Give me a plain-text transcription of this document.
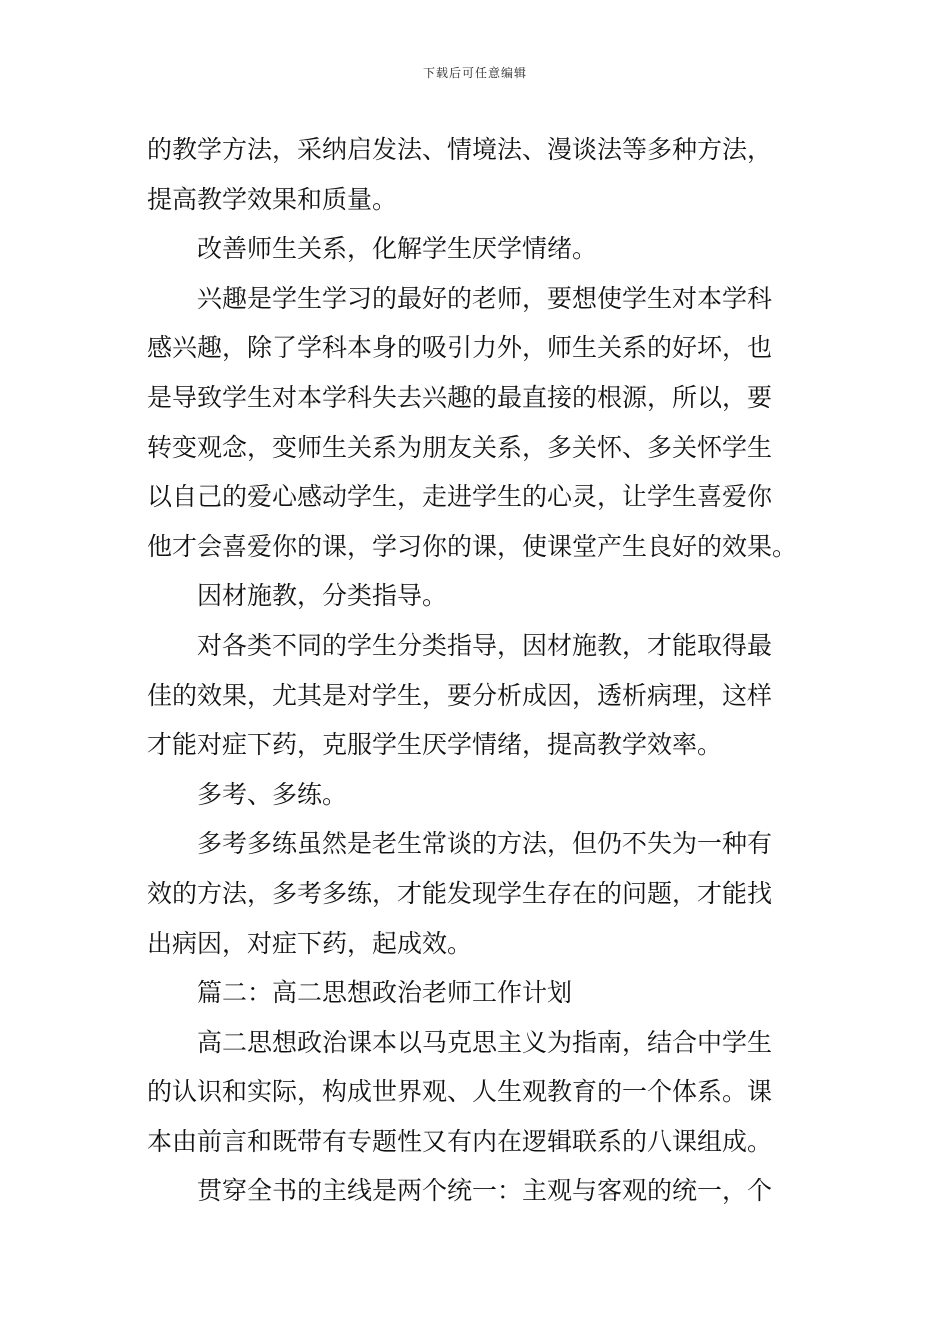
下载后可任意编辑
的教学方法，采纳启发法、情境法、漫谈法等多种方法，
提高教学效果和质量。
改善师生关系，化解学生厌学情绪。
兴趣是学生学习的最好的老师，要想使学生对本学科
感兴趣，除了学科本身的吸引力外，师生关系的好坏，也
是导致学生对本学科失去兴趣的最直接的根源，所以，要
转变观念，变师生关系为朋友关系，多关怀、多关怀学生
以自己的爱心感动学生，走进学生的心灵，让学生喜爱你
他才会喜爱你的课，学习你的课，使课堂产生良好的效果。
因材施教，分类指导。
对各类不同的学生分类指导，因材施教，才能取得最
佳的效果，尤其是对学生，要分析成因，透析病理，这样
才能对症下药，克服学生厌学情绪，提高教学效率。
多考、多练。
多考多练虽然是老生常谈的方法，但仍不失为一种有
效的方法，多考多练，才能发现学生存在的问题，才能找
出病因，对症下药，起成效。
篇二：高二思想政治老师工作计划
高二思想政治课本以马克思主义为指南，结合中学生
的认识和实际，构成世界观、人生观教育的一个体系。课
本由前言和既带有专题性又有内在逻辑联系的八课组成。
贯穿全书的主线是两个统一：主观与客观的统一，个
